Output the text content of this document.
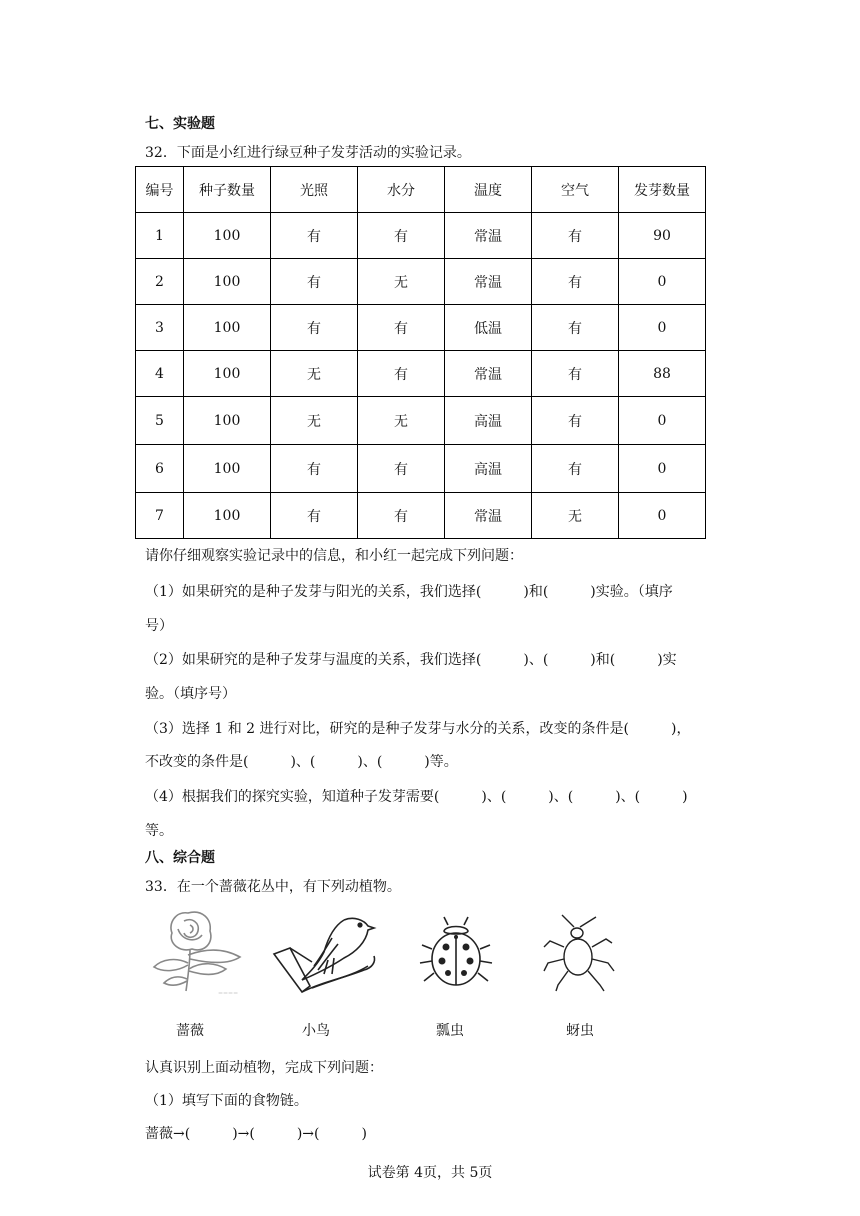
七、实验题
32．下面是小红进行绿豆种子发芽活动的实验记录。
编号	种子数量	光照	水分	温度	空气	发芽数量
1	100	有	有	常温	有	90
2	100	有	无	常温	有	0
3	100	有	有	低温	有	0
4	100	无	有	常温	有	88
5	100	无	无	高温	有	0
6	100	有	有	高温	有	0
7	100	有	有	常温	无	0
请你仔细观察实验记录中的信息，和小红一起完成下列问题：
（1）如果研究的是种子发芽与阳光的关系，我们选择(　　　)和(　　　)实验。（填序
号）
（2）如果研究的是种子发芽与温度的关系，我们选择(　　　)、(　　　)和(　　　)实
验。（填序号）
（3）选择 1 和 2 进行对比，研究的是种子发芽与水分的关系，改变的条件是(　　　)，
不改变的条件是(　　　)、(　　　)、(　　　)等。
（4）根据我们的探究实验，知道种子发芽需要(　　　)、(　　　)、(　　　)、(　　　)
等。
八、综合题
33．在一个蔷薇花丛中，有下列动植物。
====
蔷薇	小鸟	瓢虫	蚜虫
认真识别上面动植物，完成下列问题：
（1）填写下面的食物链。
蔷薇→(　　　)→(　　　)→(　　　)
试卷第 4页，共 5页
